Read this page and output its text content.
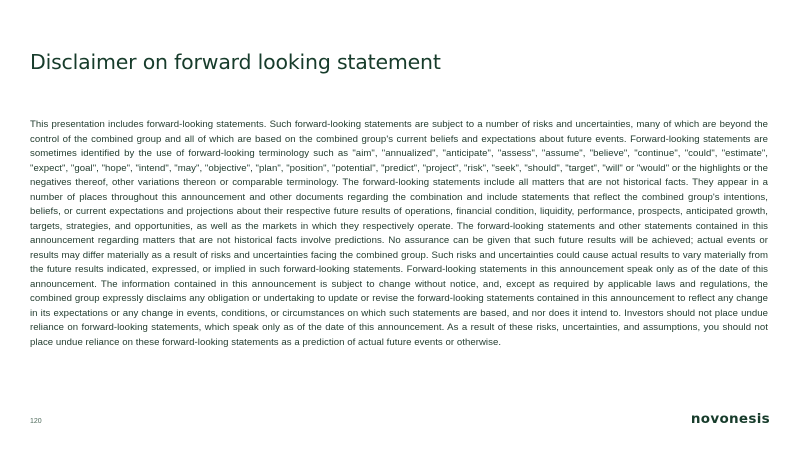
Disclaimer on forward looking statement

This presentation includes forward-looking statements. Such forward-looking statements are subject to a number of risks and uncertainties, many of which are beyond the control of the combined group and all of which are based on the combined group's current beliefs and expectations about future events. Forward-looking statements are sometimes identified by the use of forward-looking terminology such as "aim", "annualized", "anticipate", "assess", "assume", "believe", "continue", "could", "estimate", "expect", "goal", "hope", "intend", "may", "objective", "plan", "position", "potential", "predict", "project", "risk", "seek", "should", "target", "will" or "would" or the highlights or the negatives thereof, other variations thereon or comparable terminology. The forward-looking statements include all matters that are not historical facts. They appear in a number of places throughout this announcement and other documents regarding the combination and include statements that reflect the combined group's intentions, beliefs, or current expectations and projections about their respective future results of operations, financial condition, liquidity, performance, prospects, anticipated growth, targets, strategies, and opportunities, as well as the markets in which they respectively operate. The forward-looking statements and other statements contained in this announcement regarding matters that are not historical facts involve predictions. No assurance can be given that such future results will be achieved; actual events or results may differ materially as a result of risks and uncertainties facing the combined group. Such risks and uncertainties could cause actual results to vary materially from the future results indicated, expressed, or implied in such forward-looking statements. Forward-looking statements in this announcement speak only as of the date of this announcement. The information contained in this announcement is subject to change without notice, and, except as required by applicable laws and regulations, the combined group expressly disclaims any obligation or undertaking to update or revise the forward-looking statements contained in this announcement to reflect any change in its expectations or any change in events, conditions, or circumstances on which such statements are based, and nor does it intend to. Investors should not place undue reliance on forward-looking statements, which speak only as of the date of this announcement. As a result of these risks, uncertainties, and assumptions, you should not place undue reliance on these forward-looking statements as a prediction of actual future events or otherwise.

120	novonesis
